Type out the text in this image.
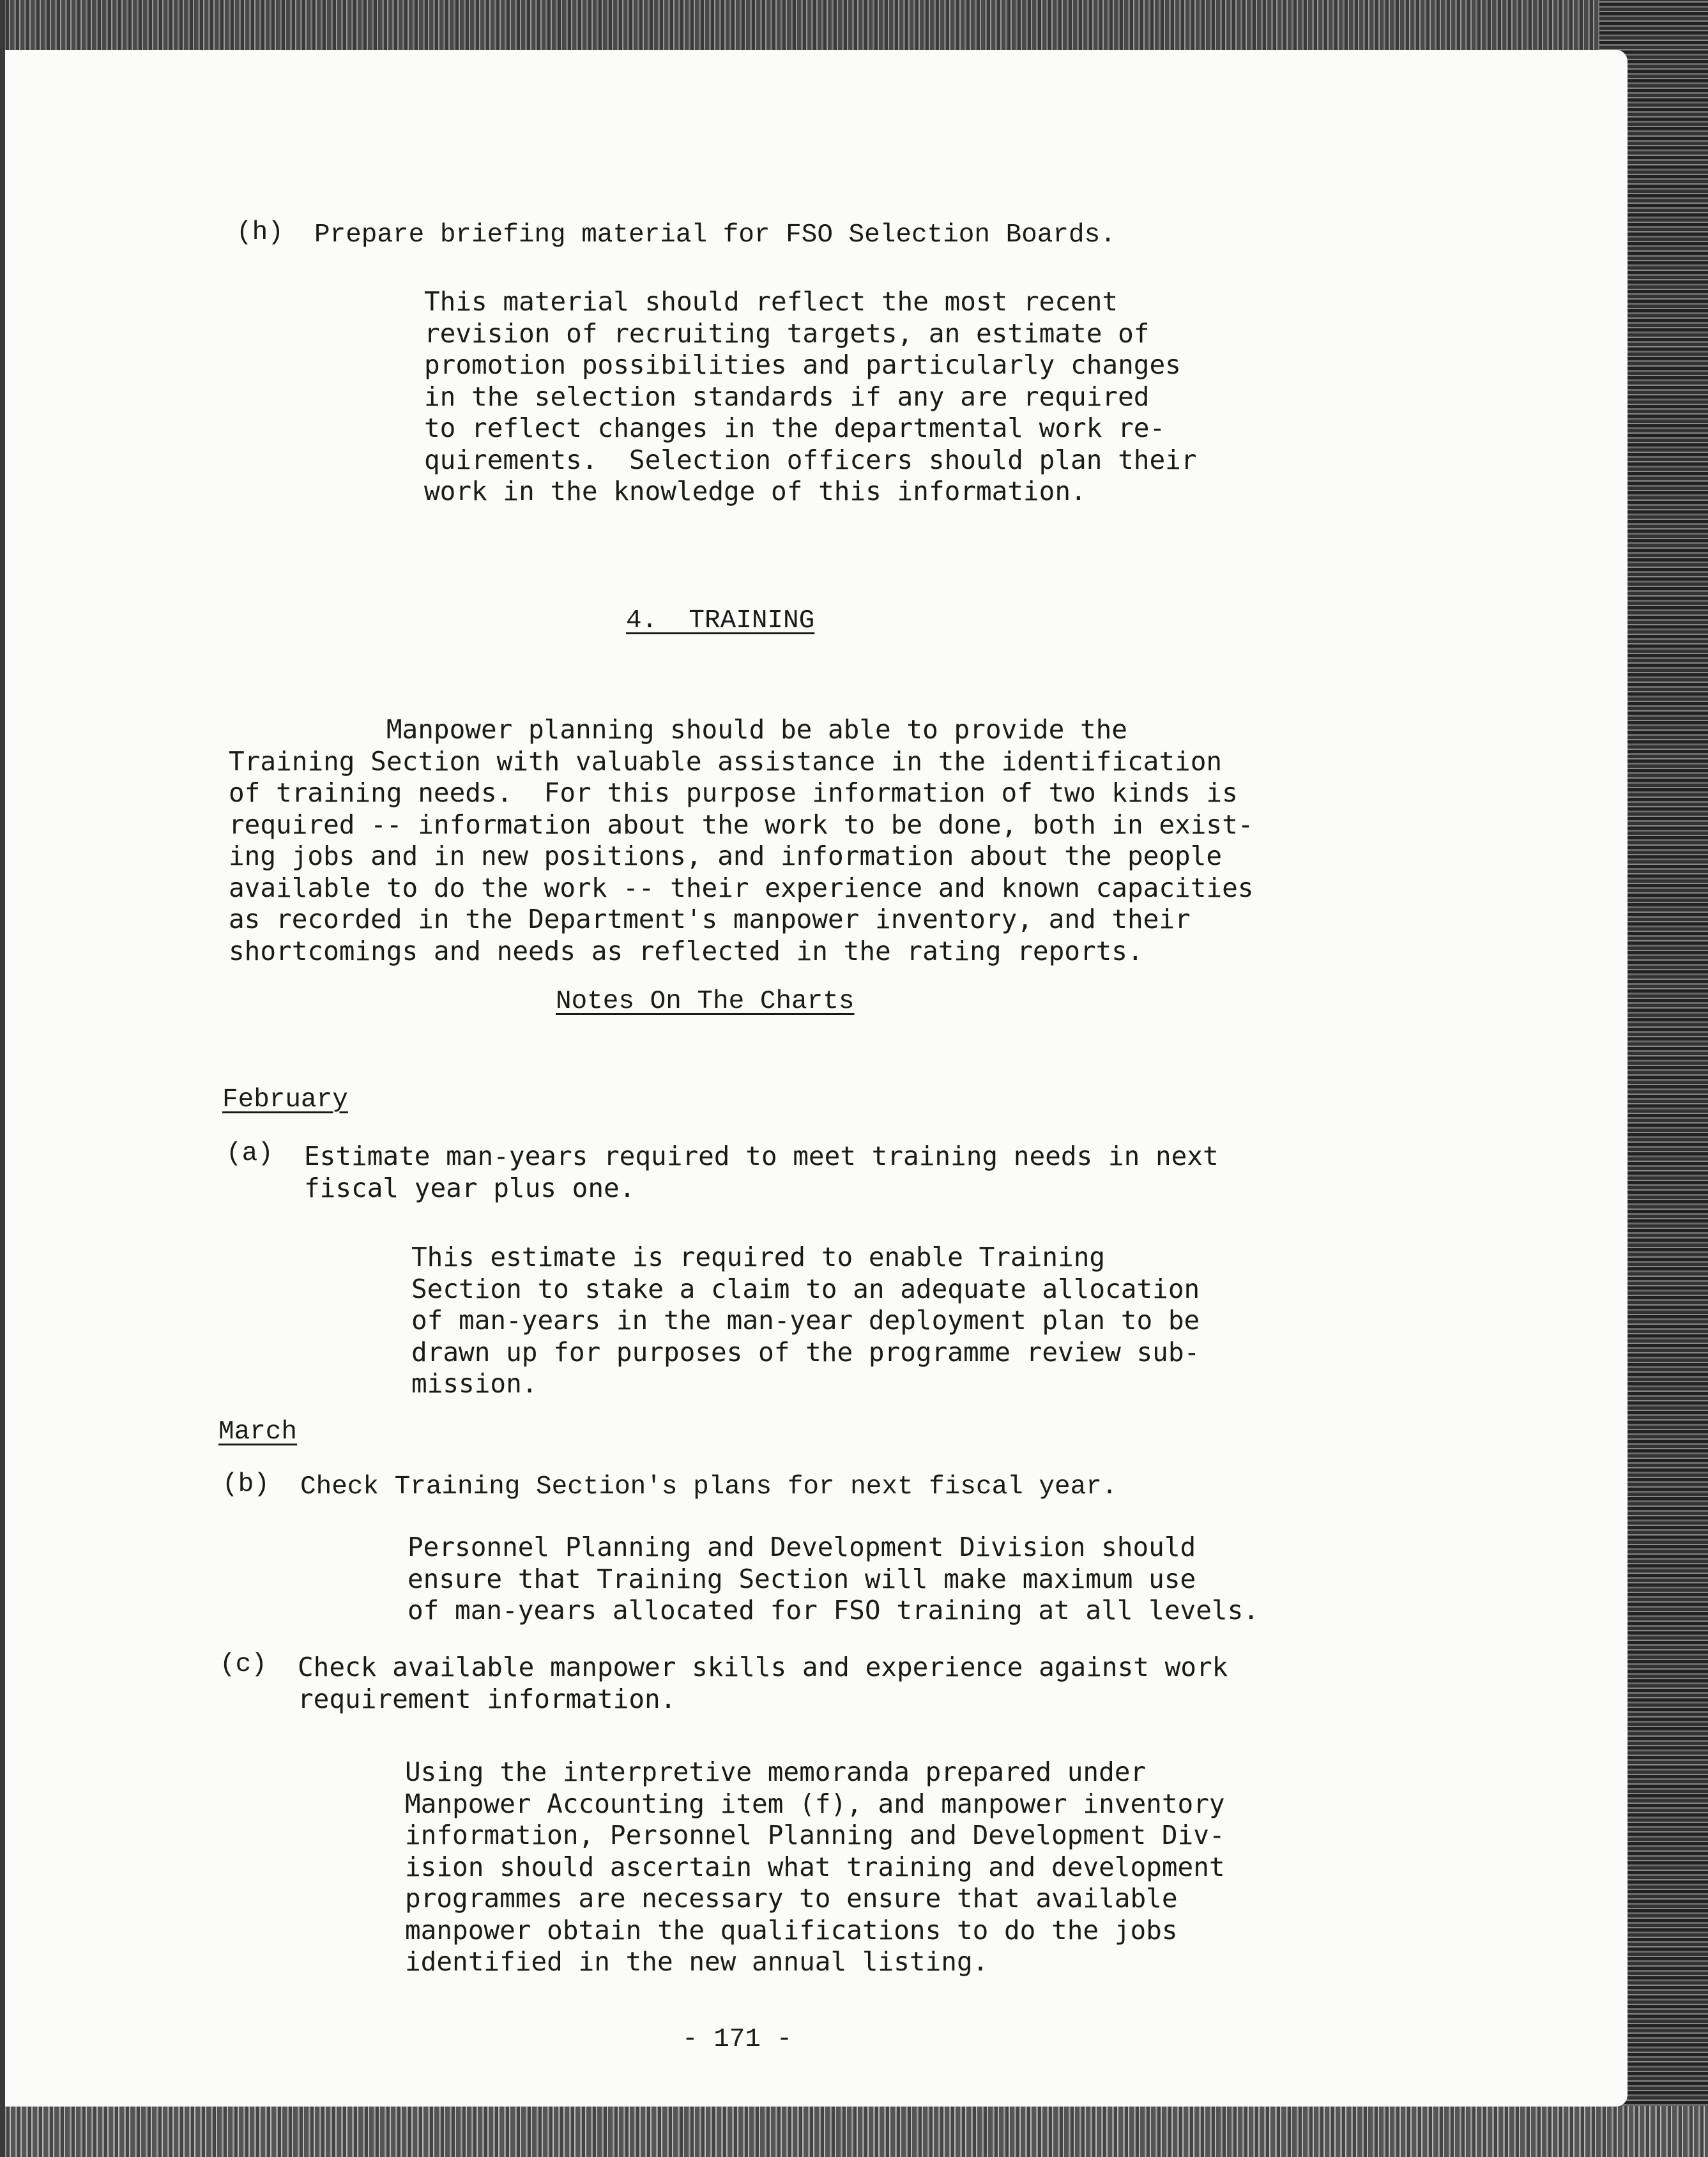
(h) Prepare briefing material for FSO Selection Boards.
This material should reflect the most recent
revision of recruiting targets, an estimate of
promotion possibilities and particularly changes
in the selection standards if any are required
to reflect changes in the departmental work re-
quirements.  Selection officers should plan their
work in the knowledge of this information.
4.  TRAINING
Manpower planning should be able to provide the
Training Section with valuable assistance in the identification
of training needs.  For this purpose information of two kinds is
required -- information about the work to be done, both in exist-
ing jobs and in new positions, and information about the people
available to do the work -- their experience and known capacities
as recorded in the Department's manpower inventory, and their
shortcomings and needs as reflected in the rating reports.
Notes On The Charts
February
(a) Estimate man-years required to meet training needs in next
fiscal year plus one.
This estimate is required to enable Training
Section to stake a claim to an adequate allocation
of man-years in the man-year deployment plan to be
drawn up for purposes of the programme review sub-
mission.
March
(b) Check Training Section's plans for next fiscal year.
Personnel Planning and Development Division should
ensure that Training Section will make maximum use
of man-years allocated for FSO training at all levels.
(c) Check available manpower skills and experience against work
requirement information.
Using the interpretive memoranda prepared under
Manpower Accounting item (f), and manpower inventory
information, Personnel Planning and Development Div-
ision should ascertain what training and development
programmes are necessary to ensure that available
manpower obtain the qualifications to do the jobs
identified in the new annual listing.
- 171 -
